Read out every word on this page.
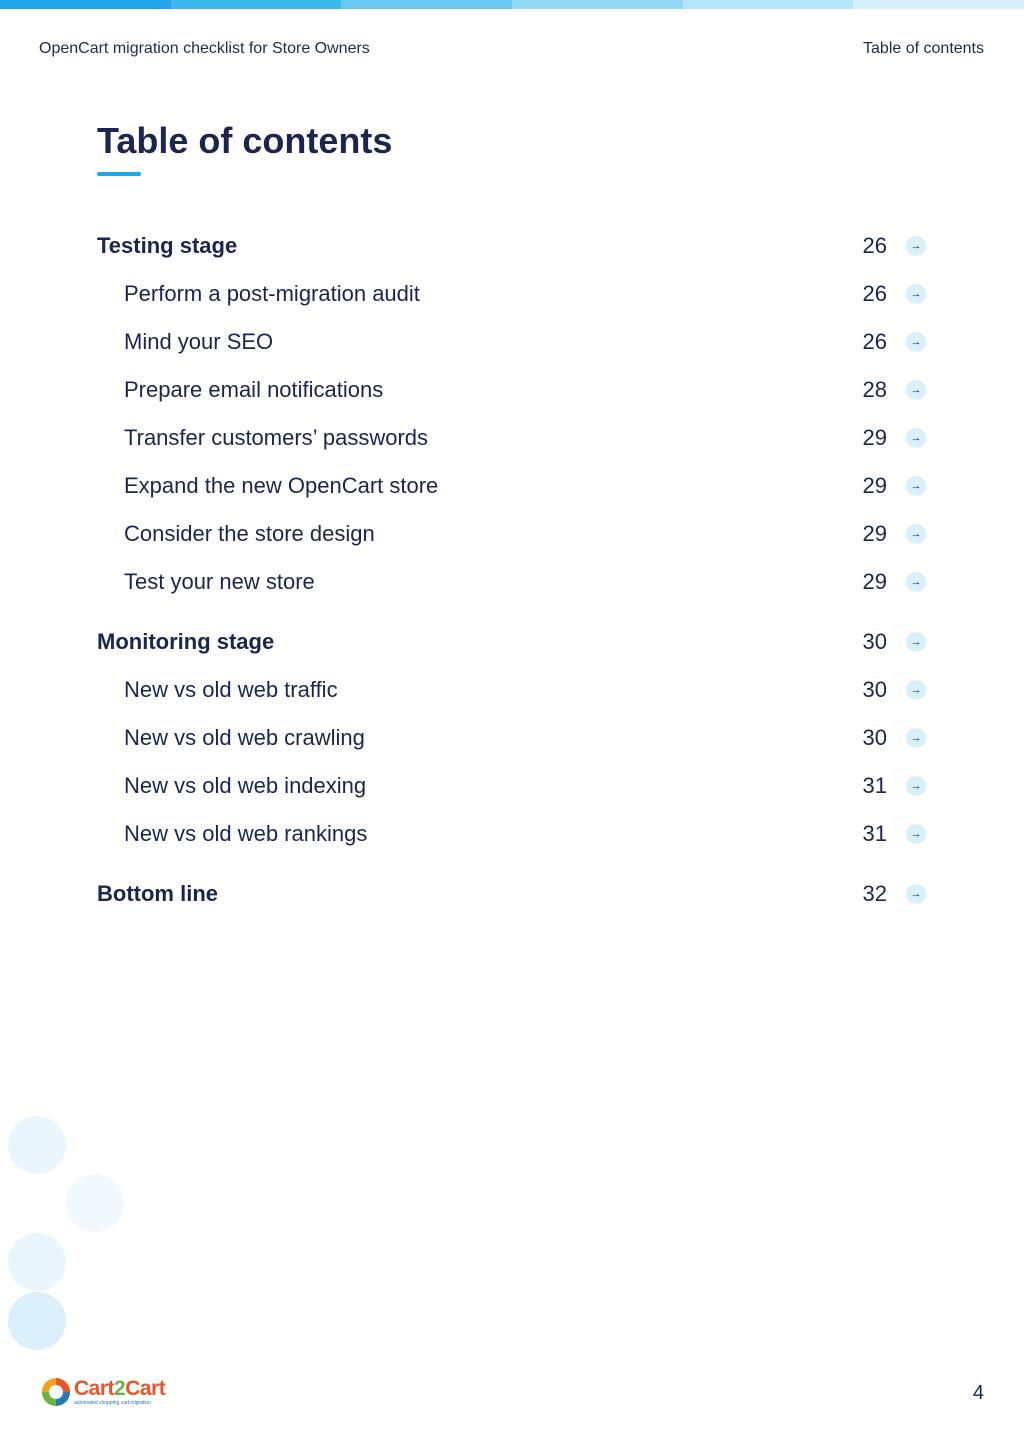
OpenCart migration checklist for Store Owners	Table of contents
Table of contents
Testing stage	26	→
Perform a post-migration audit	26	→
Mind your SEO	26	→
Prepare email notifications	28	→
Transfer customers’ passwords	29	→
Expand the new OpenCart store	29	→
Consider the store design	29	→
Test your new store	29	→
Monitoring stage	30	→
New vs old web traffic	30	→
New vs old web crawling	30	→
New vs old web indexing	31	→
New vs old web rankings	31	→
Bottom line	32	→
Cart2Cart
automated shopping cart migration	4
